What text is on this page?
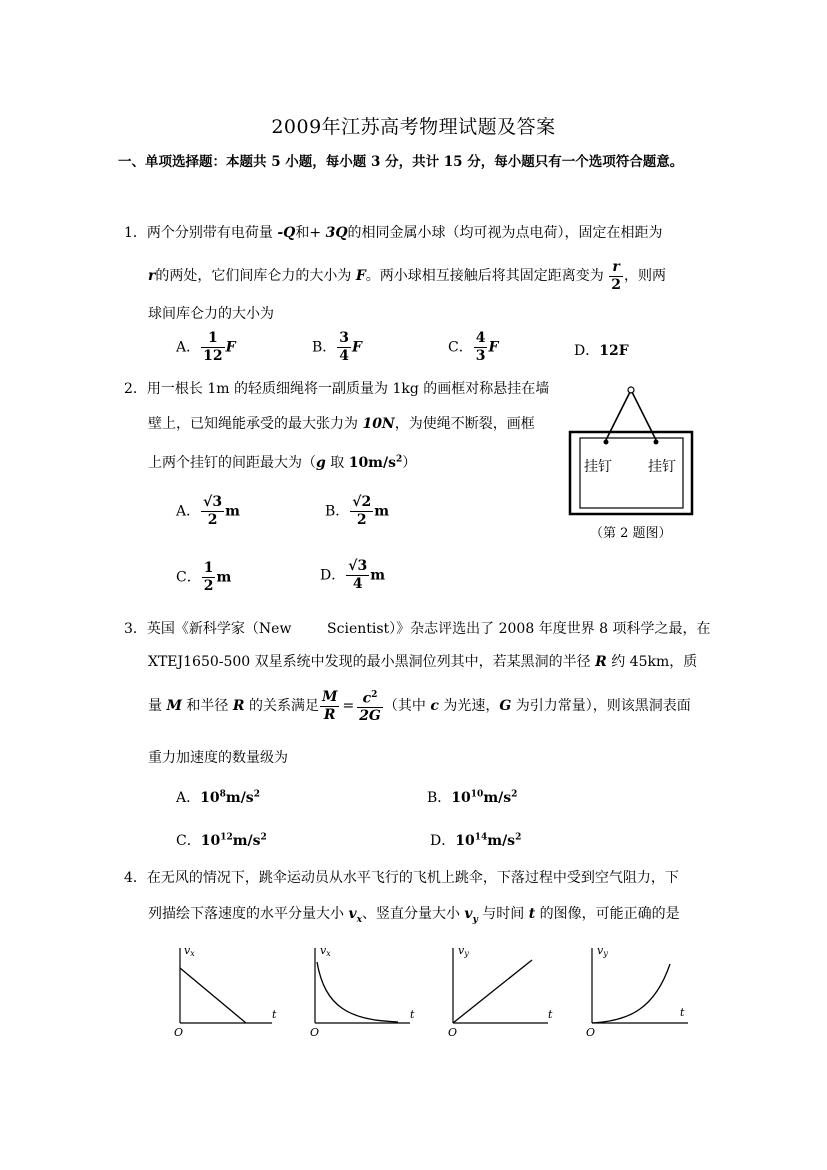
2009年江苏高考物理试题及答案
一、单项选择题：本题共 5 小题，每小题 3 分，共计 15 分，每小题只有一个选项符合题意。
1．两个分别带有电荷量 -Q和+ 3Q的相同金属小球（均可视为点电荷），固定在相距为
r的两处，它们间库仑力的大小为 F。两小球相互接触后将其固定距离变为 $\frac{r}{2}$ ，则两
球间库仑力的大小为
A． $\frac{1}{12}$ F	B． $\frac{3}{4}$ F	C． $\frac{4}{3}$ F	D．12F
2．用一根长 1m 的轻质细绳将一副质量为 1kg 的画框对称悬挂在墙
壁上，已知绳能承受的最大张力为 10N，为使绳不断裂，画框
上两个挂钉的间距最大为（g 取 $10m/s^2$）
A． $\frac{√3}{2}$ m	B． $\frac{√2}{2}$ m
C． $\frac{1}{2}$ m	D． $\frac{√3}{4}$ m
挂钉	挂钉
（第 2 题图）
3．英国《新科学家（New        Scientist）》杂志评选出了 2008 年度世界 8 项科学之最，在
XTEJ1650-500 双星系统中发现的最小黑洞位列其中，若某黑洞的半径 R 约 45km，质
量 M 和半径 R 的关系满足 $\frac{M}{R} = \frac{c^2}{2G}$ （其中 c 为光速，G 为引力常量），则该黑洞表面
重力加速度的数量级为
A．$10^8m/s^2$	B．$10^{10}m/s^2$
C．$10^{12}m/s^2$	D．$10^{14}m/s^2$
4．在无风的情况下，跳伞运动员从水平飞行的飞机上跳伞，下落过程中受到空气阻力，下
列描绘下落速度的水平分量大小 $v_x$、竖直分量大小 $v_y$ 与时间 t 的图像，可能正确的是
vx
t
O
vx
t
O
vy
t
O
vy
t
O
